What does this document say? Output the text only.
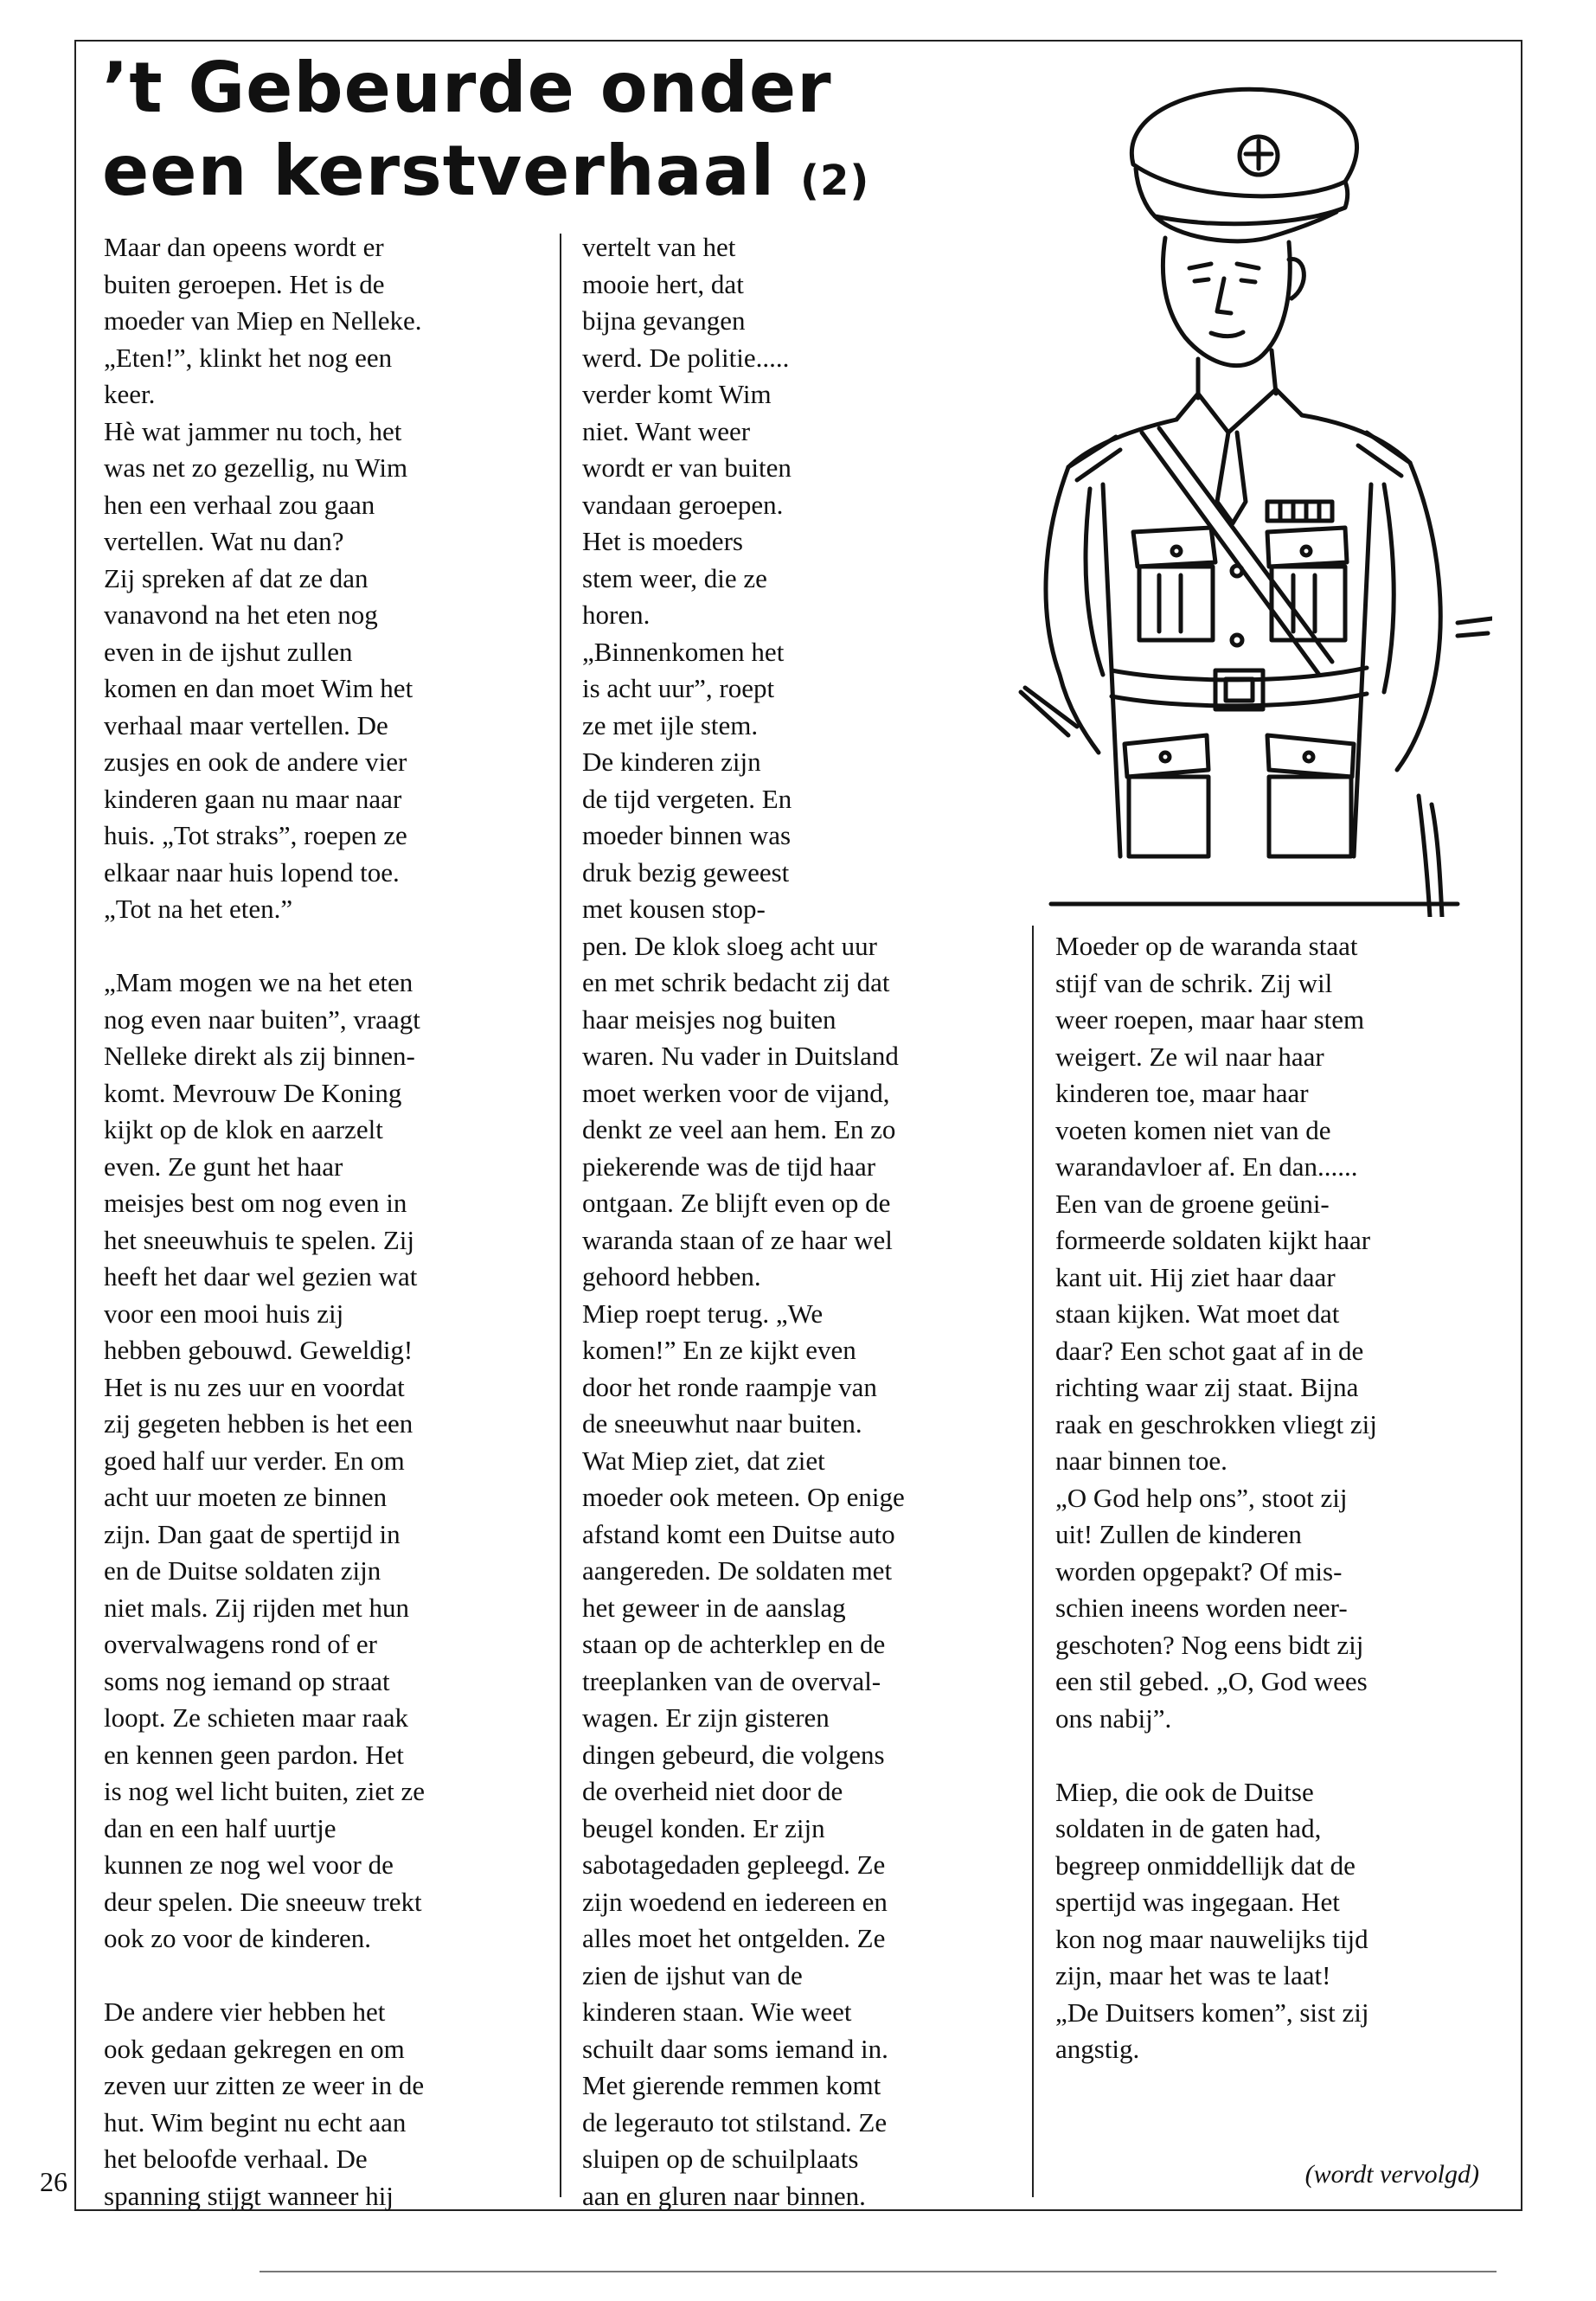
’t Gebeurde onder
een kerstverhaal (2)

Maar dan opeens wordt er
buiten geroepen. Het is de
moeder van Miep en Nelleke.
„Eten!”, klinkt het nog een
keer.
Hè wat jammer nu toch, het
was net zo gezellig, nu Wim
hen een verhaal zou gaan
vertellen. Wat nu dan?
Zij spreken af dat ze dan
vanavond na het eten nog
even in de ijshut zullen
komen en dan moet Wim het
verhaal maar vertellen. De
zusjes en ook de andere vier
kinderen gaan nu maar naar
huis. „Tot straks”, roepen ze
elkaar naar huis lopend toe.
„Tot na het eten.”

„Mam mogen we na het eten
nog even naar buiten”, vraagt
Nelleke direkt als zij binnen-
komt. Mevrouw De Koning
kijkt op de klok en aarzelt
even. Ze gunt het haar
meisjes best om nog even in
het sneeuwhuis te spelen. Zij
heeft het daar wel gezien wat
voor een mooi huis zij
hebben gebouwd. Geweldig!
Het is nu zes uur en voordat
zij gegeten hebben is het een
goed half uur verder. En om
acht uur moeten ze binnen
zijn. Dan gaat de spertijd in
en de Duitse soldaten zijn
niet mals. Zij rijden met hun
overvalwagens rond of er
soms nog iemand op straat
loopt. Ze schieten maar raak
en kennen geen pardon. Het
is nog wel licht buiten, ziet ze
dan en een half uurtje
kunnen ze nog wel voor de
deur spelen. Die sneeuw trekt
ook zo voor de kinderen.

De andere vier hebben het
ook gedaan gekregen en om
zeven uur zitten ze weer in de
hut. Wim begint nu echt aan
het beloofde verhaal. De
spanning stijgt wanneer hij

vertelt van het
mooie hert, dat
bijna gevangen
werd. De politie.....
verder komt Wim
niet. Want weer
wordt er van buiten
vandaan geroepen.
Het is moeders
stem weer, die ze
horen.
„Binnenkomen het
is acht uur”, roept
ze met ijle stem.
De kinderen zijn
de tijd vergeten. En
moeder binnen was
druk bezig geweest
met kousen stop-
pen. De klok sloeg acht uur
en met schrik bedacht zij dat
haar meisjes nog buiten
waren. Nu vader in Duitsland
moet werken voor de vijand,
denkt ze veel aan hem. En zo
piekerende was de tijd haar
ontgaan. Ze blijft even op de
waranda staan of ze haar wel
gehoord hebben.
Miep roept terug. „We
komen!” En ze kijkt even
door het ronde raampje van
de sneeuwhut naar buiten.
Wat Miep ziet, dat ziet
moeder ook meteen. Op enige
afstand komt een Duitse auto
aangereden. De soldaten met
het geweer in de aanslag
staan op de achterklep en de
treeplanken van de overval-
wagen. Er zijn gisteren
dingen gebeurd, die volgens
de overheid niet door de
beugel konden. Er zijn
sabotagedaden gepleegd. Ze
zijn woedend en iedereen en
alles moet het ontgelden. Ze
zien de ijshut van de
kinderen staan. Wie weet
schuilt daar soms iemand in.
Met gierende remmen komt
de legerauto tot stilstand. Ze
sluipen op de schuilplaats
aan en gluren naar binnen.

Moeder op de waranda staat
stijf van de schrik. Zij wil
weer roepen, maar haar stem
weigert. Ze wil naar haar
kinderen toe, maar haar
voeten komen niet van de
warandavloer af. En dan......
Een van de groene geüni-
formeerde soldaten kijkt haar
kant uit. Hij ziet haar daar
staan kijken. Wat moet dat
daar? Een schot gaat af in de
richting waar zij staat. Bijna
raak en geschrokken vliegt zij
naar binnen toe.
„O God help ons”, stoot zij
uit! Zullen de kinderen
worden opgepakt? Of mis-
schien ineens worden neer-
geschoten? Nog eens bidt zij
een stil gebed. „O, God wees
ons nabij”.

Miep, die ook de Duitse
soldaten in de gaten had,
begreep onmiddellijk dat de
spertijd was ingegaan. Het
kon nog maar nauwelijks tijd
zijn, maar het was te laat!
„De Duitsers komen”, sist zij
angstig.

(wordt vervolgd)
26
